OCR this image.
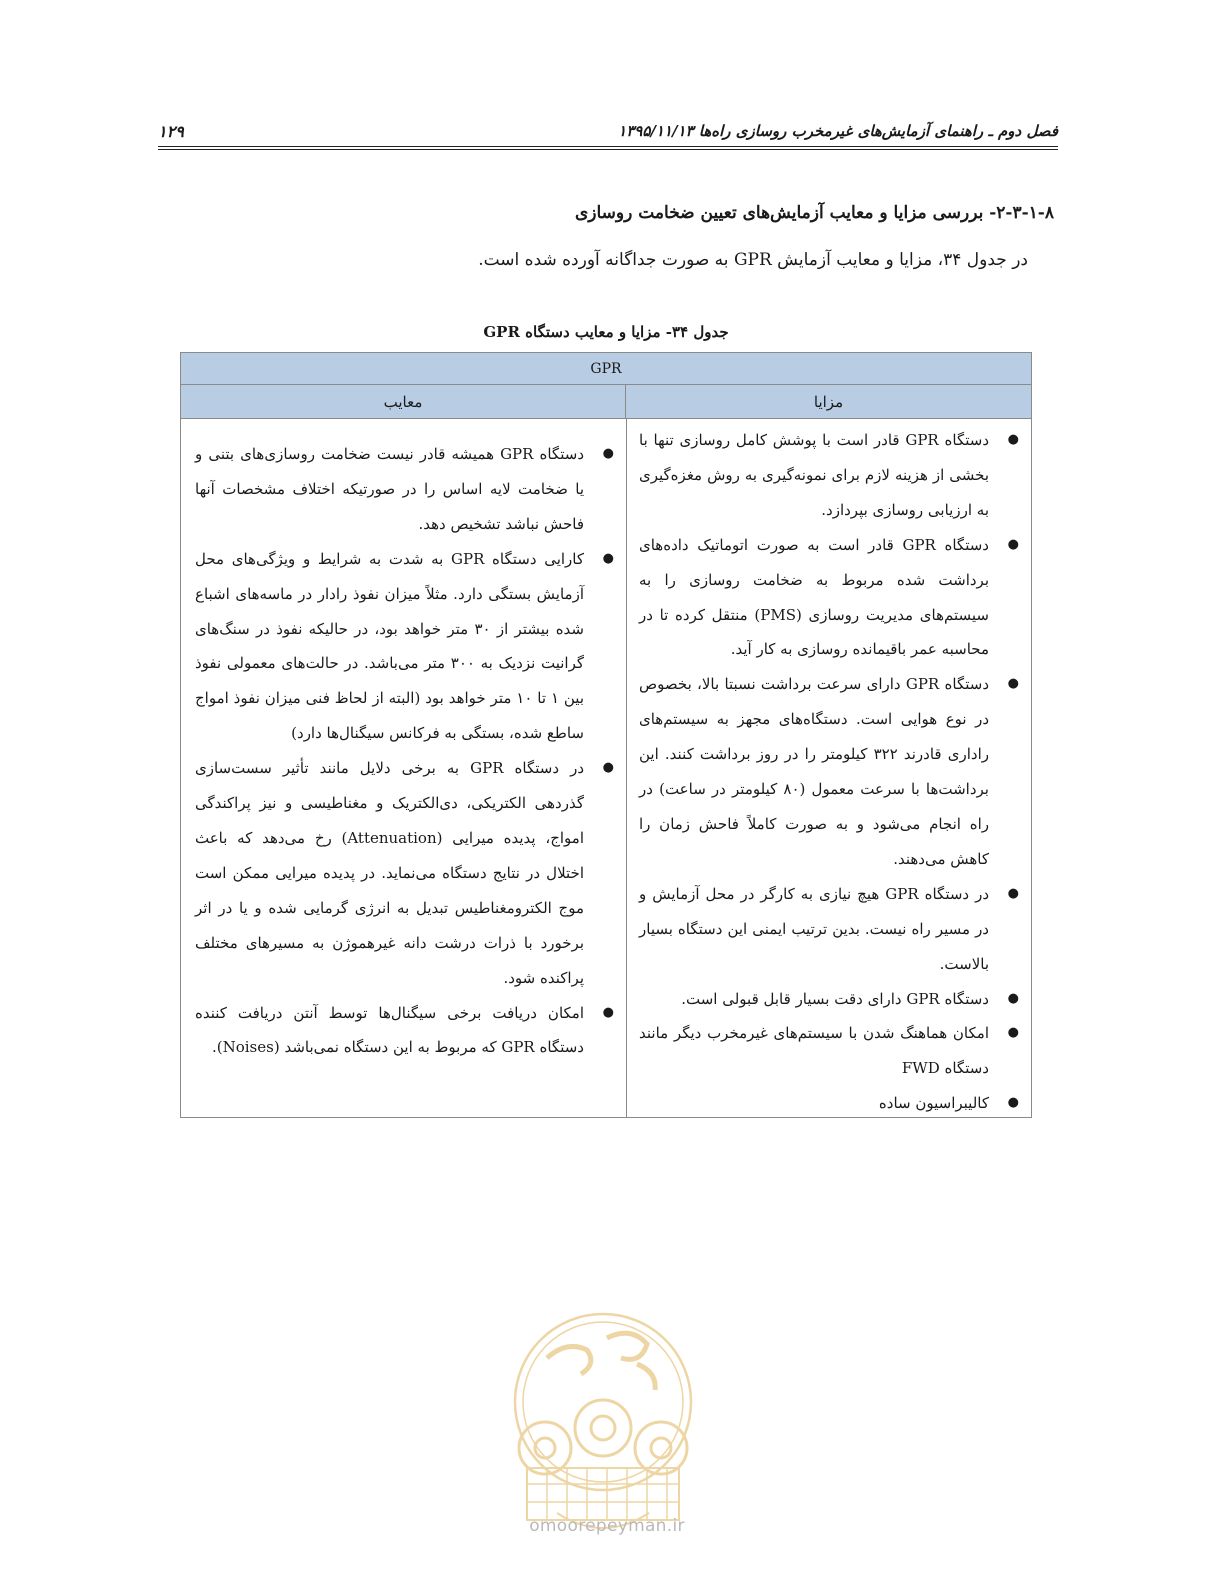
فصل دوم ـ راهنمای آزمایش‌های غیرمخرب روسازی راه‌ها ۱۳۹۵/۱۱/۱۳
۱۲۹
۲-۳-۱-۸- بررسی مزایا و معایب آزمایش‌های تعیین ضخامت روسازی
در جدول ۳۴، مزایا و معایب آزمایش GPR به صورت جداگانه آورده شده است.
جدول ۳۴- مزایا و معایب دستگاه GPR
GPR
مزایا
معایب
●
دستگاه GPR قادر است با پوشش کامل روسازی تنها با بخشی از هزینه لازم برای نمونه‌گیری به روش مغزه‌گیری به ارزیابی روسازی بپردازد.
●
دستگاه GPR قادر است به صورت اتوماتیک داده‌های برداشت شده مربوط به ضخامت روسازی را به سیستم‌های مدیریت روسازی (PMS) منتقل کرده تا در محاسبه عمر باقیمانده روسازی به کار آید.
●
دستگاه GPR دارای سرعت برداشت نسبتا بالا، بخصوص در نوع هوایی است. دستگاه‌های مجهز به سیستم‌های راداری قادرند ۳۲۲ کیلومتر را در روز برداشت کنند. این برداشت‌ها با سرعت معمول (۸۰ کیلومتر در ساعت) در راه انجام می‌شود و به صورت کاملاً فاحش زمان را کاهش می‌دهند.
●
در دستگاه GPR هیچ نیازی به کارگر در محل آزمایش و در مسیر راه نیست. بدین ترتیب ایمنی این دستگاه بسیار بالاست.
●
دستگاه GPR دارای دقت بسیار قابل قبولی است.
●
امکان هماهنگ شدن با سیستم‌های غیرمخرب دیگر مانند دستگاه FWD
●
کالیبراسیون ساده
●
دستگاه GPR همیشه قادر نیست ضخامت روسازی‌های بتنی و یا ضخامت لایه اساس را در صورتیکه اختلاف مشخصات آنها فاحش نباشد تشخیص دهد.
●
کارایی دستگاه GPR به شدت به شرایط و ویژگی‌های محل آزمایش بستگی دارد. مثلاً میزان نفوذ رادار در ماسه‌های اشباع شده بیشتر از ۳۰ متر خواهد بود، در حالیکه نفوذ در سنگ‌های گرانیت نزدیک به ۳۰۰ متر می‌باشد. در حالت‌های معمولی نفوذ بین ۱ تا ۱۰ متر خواهد بود (البته از لحاظ فنی میزان نفوذ امواج ساطع شده، بستگی به فرکانس سیگنال‌ها دارد)
●
در دستگاه GPR به برخی دلایل مانند تأثیر سست‌سازی گذردهی الکتریکی، دی‌الکتریک و مغناطیسی و نیز پراکندگی امواج، پدیده میرایی (Attenuation) رخ می‌دهد که باعث اختلال در نتایج دستگاه می‌نماید. در پدیده میرایی ممکن است موج الکترومغناطیس تبدیل به انرژی گرمایی شده و یا در اثر برخورد با ذرات درشت دانه غیرهموژن به مسیرهای مختلف پراکنده شود.
●
امکان دریافت برخی سیگنال‌ها توسط آنتن دریافت کننده دستگاه GPR که مربوط به این دستگاه نمی‌باشد (Noises).
omoorepeyman.ir
